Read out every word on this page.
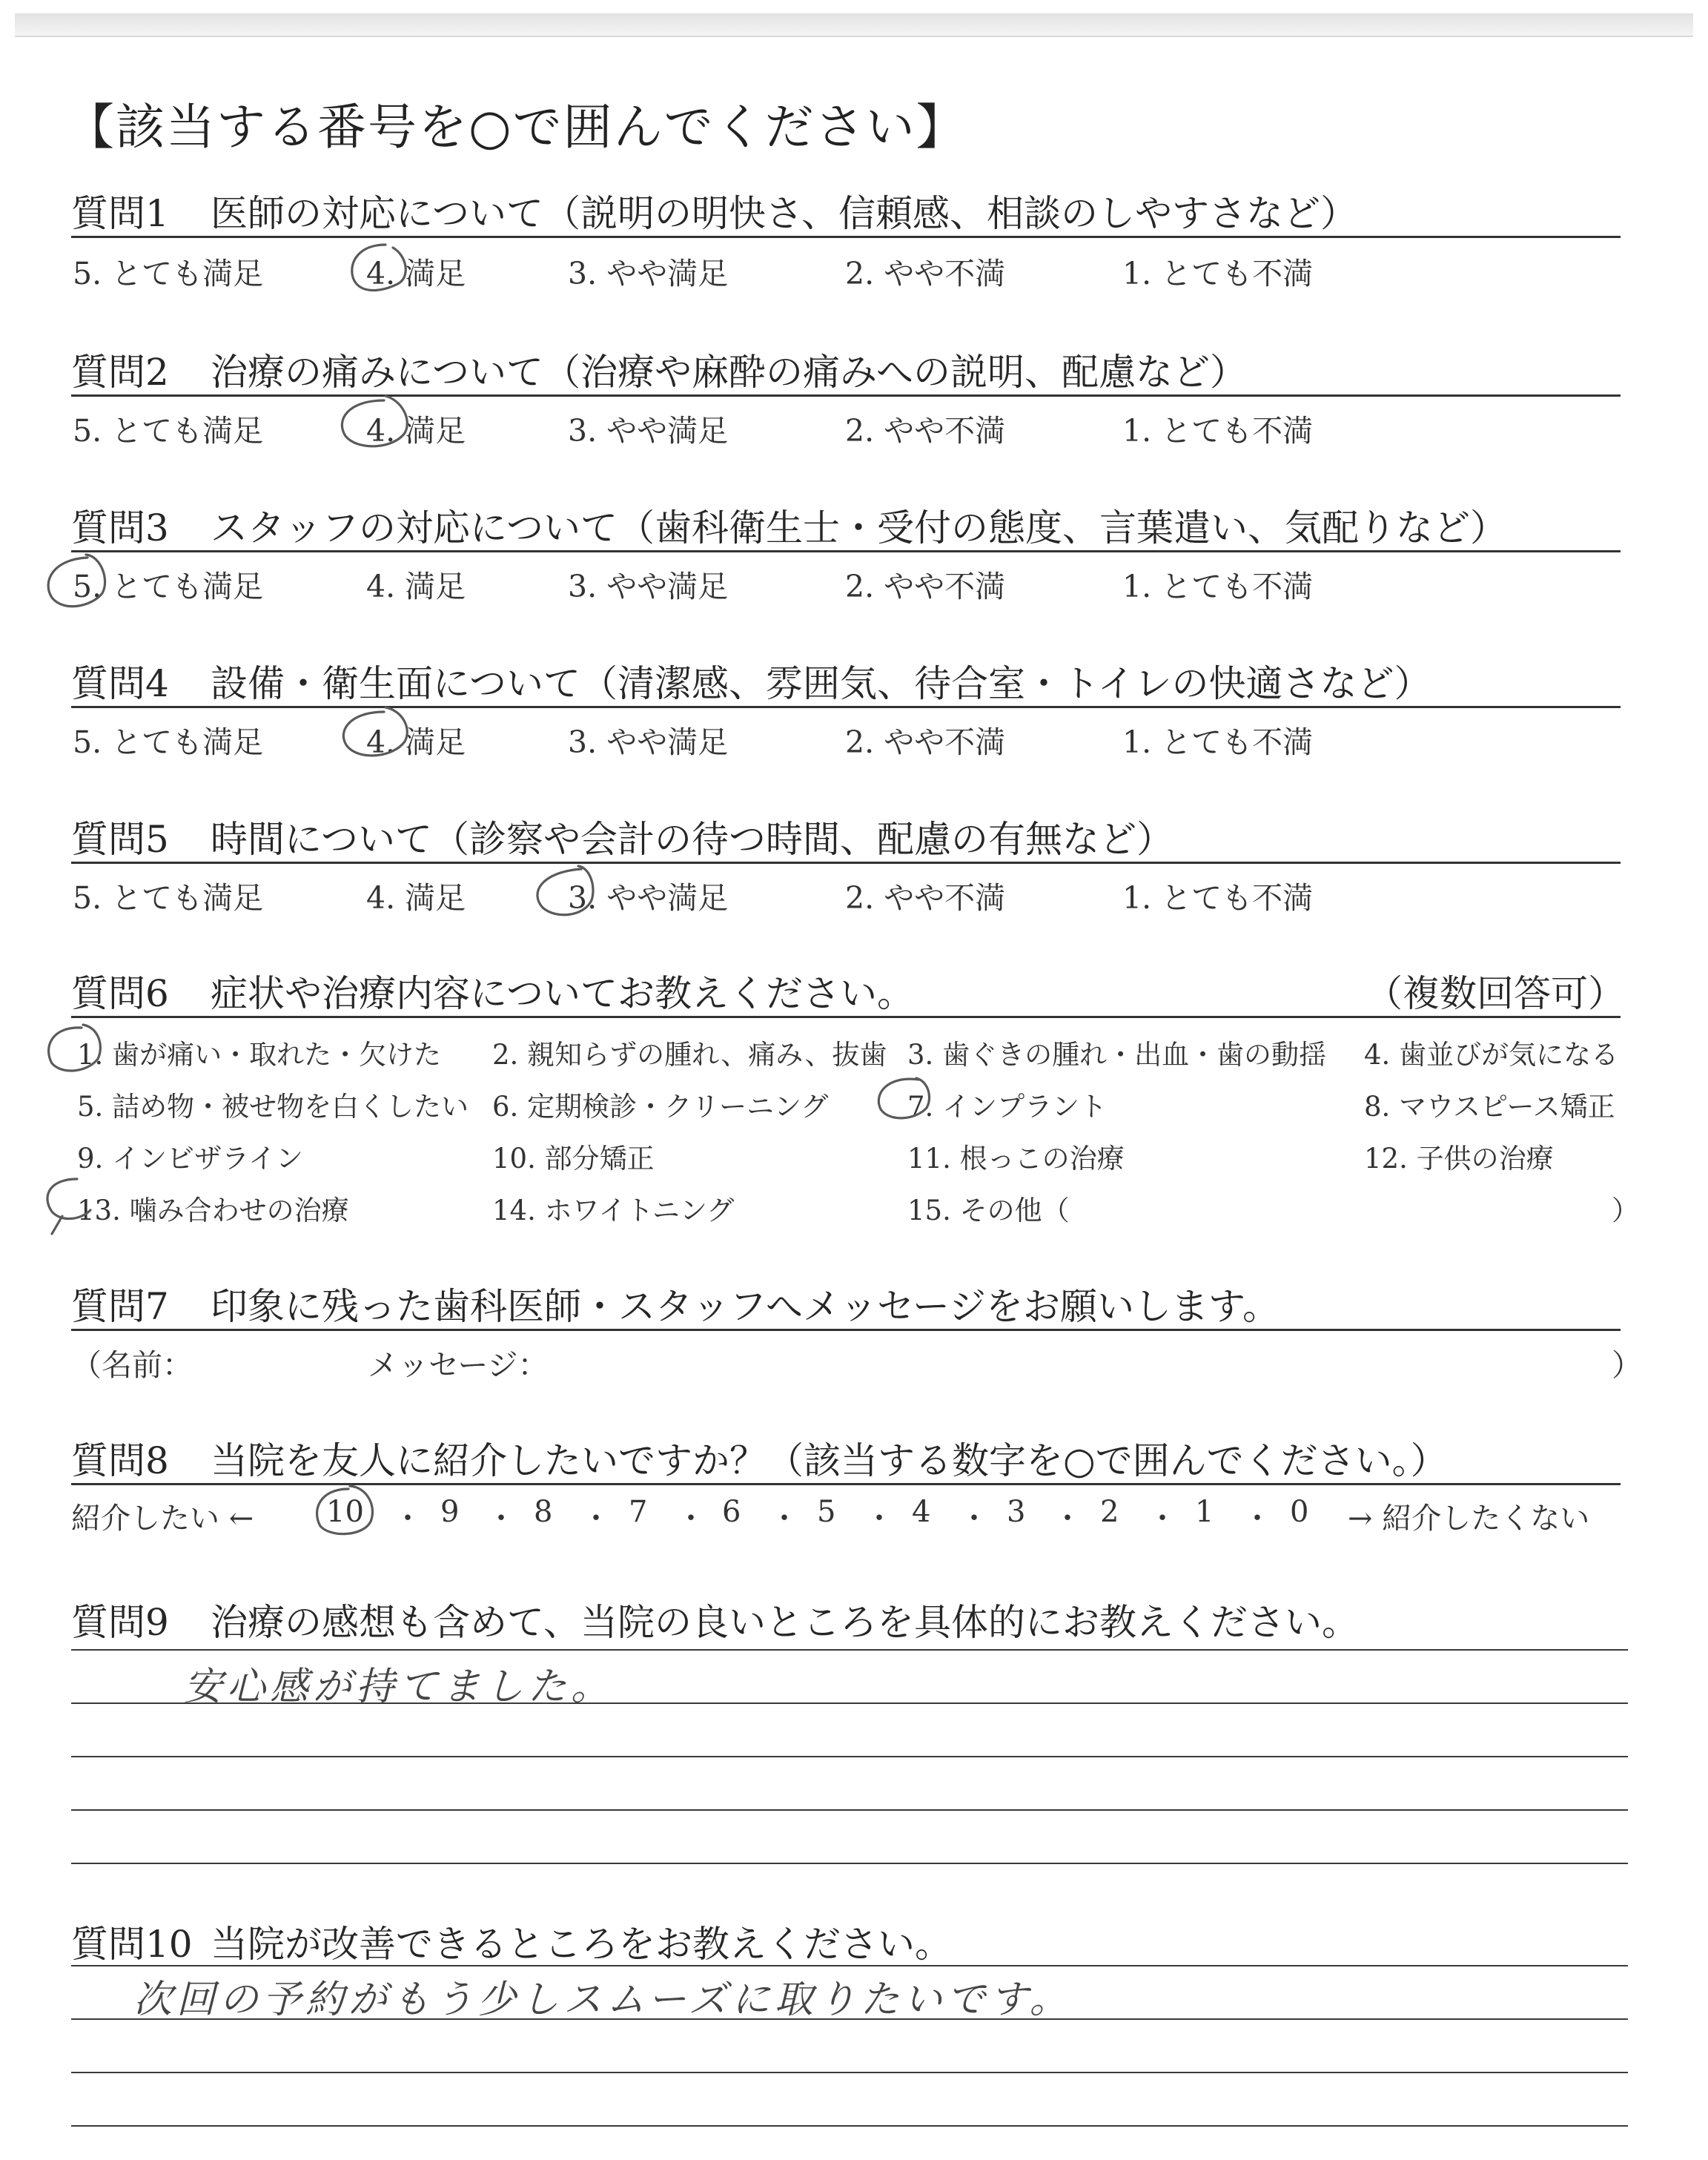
【該当する番号を○で囲んでください】
質問1 医師の対応について（説明の明快さ、信頼感、相談のしやすさなど）
5. とても満足	4. 満足	3. やや満足	2. やや不満	1. とても不満
質問2 治療の痛みについて（治療や麻酔の痛みへの説明、配慮など）
5. とても満足	4. 満足	3. やや満足	2. やや不満	1. とても不満
質問3 スタッフの対応について（歯科衛生士・受付の態度、言葉遣い、気配りなど）
5. とても満足	4. 満足	3. やや満足	2. やや不満	1. とても不満
質問4 設備・衛生面について（清潔感、雰囲気、待合室・トイレの快適さなど）
5. とても満足	4. 満足	3. やや満足	2. やや不満	1. とても不満
質問5 時間について（診察や会計の待つ時間、配慮の有無など）
5. とても満足	4. 満足	3. やや満足	2. やや不満	1. とても不満
質問6 症状や治療内容についてお教えください。	（複数回答可）
1. 歯が痛い・取れた・欠けた 2. 親知らずの腫れ、痛み、抜歯 3. 歯ぐきの腫れ・出血・歯の動揺 4. 歯並びが気になる
5. 詰め物・被せ物を白くしたい 6. 定期検診・クリーニング	7. インプラント	8. マウスピース矯正
9. インビザライン	10. 部分矯正	11. 根っこの治療	12. 子供の治療
13. 噛み合わせの治療	14. ホワイトニング	15. その他（	）
質問7 印象に残った歯科医師・スタッフへメッセージをお願いします。
（名前：	メッセージ：	）
質問8 当院を友人に紹介したいですか？（該当する数字を○で囲んでください。）
紹介したい ← 10 ・ 9 ・ 8 ・ 7 ・ 6 ・ 5 ・ 4 ・ 3 ・ 2 ・ 1 ・ 0 → 紹介したくない
質問9 治療の感想も含めて、当院の良いところを具体的にお教えください。
安心感が持てました。
質問10 当院が改善できるところをお教えください。
次回の予約がもう少しスムーズに取りたいです。
